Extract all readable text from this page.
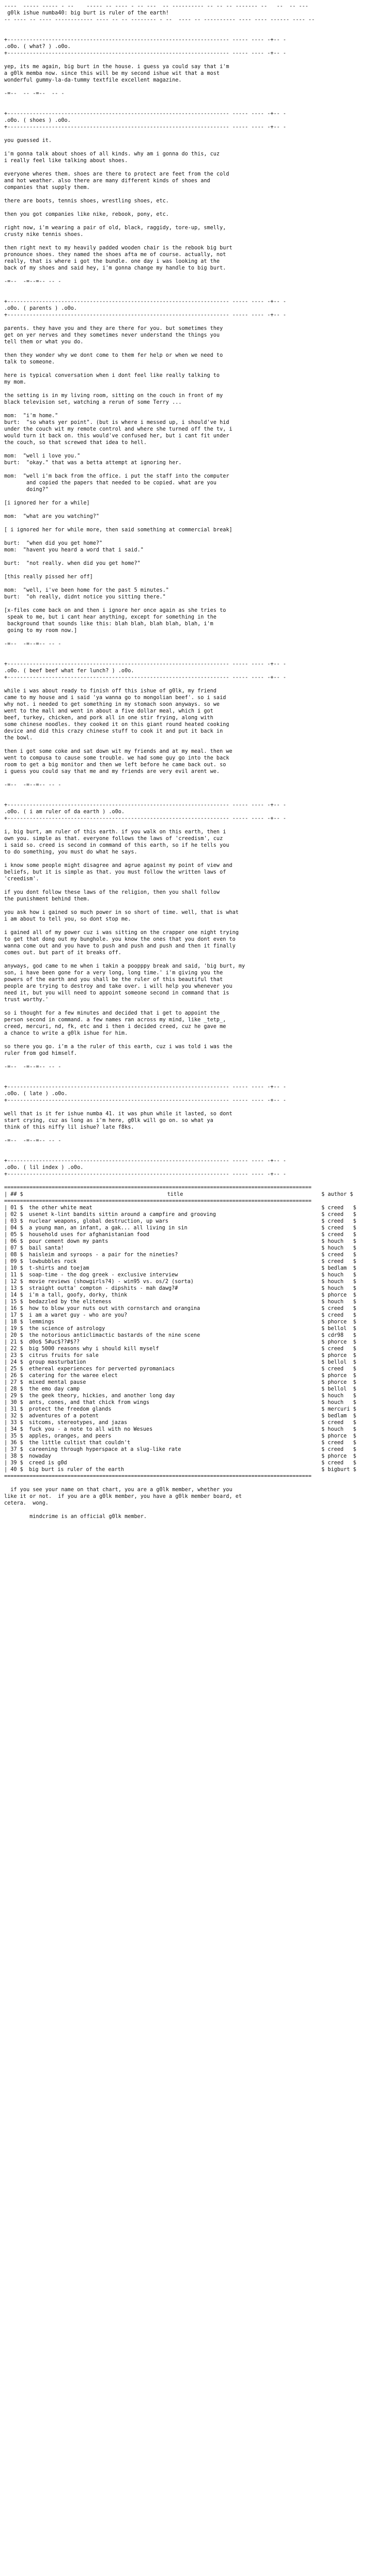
----  ----- ----- - --    ----- -- ---- - -- ---  -- ---------- -- -- -- ------- --   --  -- ---
g0lk ishue numba40: big burt is ruler of the earth!
-- ---- -- ---- ------------ ---- -- -- -------- - --  ---- -- ---------- ---- ---- ------ ---- --
+---------------------------------------------------------------------- ----- ---- -+-- -
.o0o. ( what? ) .o0o.
+---------------------------------------------------------------------- ----- ---- -+-- -
yep, its me again, big burt in the house. i guess ya could say that i'm
a g0lk memba now. since this will be my second ishue wit that a most
wonderful gummy-la-da-tummy textfile excellent magazine.
-=--  -- -=--  -- -
+---------------------------------------------------------------------- ----- ---- -+-- -
.o0o. ( shoes ) .o0o.
+---------------------------------------------------------------------- ----- ---- -+-- -
you guessed it.
i'm gonna talk about shoes of all kinds. why am i gonna do this, cuz
i really feel like talking about shoes.
everyone wheres them. shoes are there to protect are feet from the cold
and hot weather. also there are many different kinds of shoes and
companies that supply them.
there are boots, tennis shoes, wrestling shoes, etc.
then you got companies like nike, rebook, pony, etc.
right now, i'm wearing a pair of old, black, raggidy, tore-up, smelly,
crusty nike tennis shoes.
then right next to my heavily padded wooden chair is the rebook big burt
pronounce shoes. they named the shoes afta me of course. actually, not
really, that is where i got the bundle. one day i was looking at the
back of my shoes and said hey, i'm gonna change my handle to big burt.
-=--  -=--=-- -- -
+---------------------------------------------------------------------- ----- ---- -+-- -
.o0o. ( parents ) .o0o.
+---------------------------------------------------------------------- ----- ---- -+-- -
parents. they have you and they are there for you. but sometimes they
get on yer nerves and they sometimes never understand the things you
tell them or what you do.
then they wonder why we dont come to them fer help or when we need to
talk to someone.
here is typical conversation when i dont feel like really talking to
my mom.
the setting is in my living room, sitting on the couch in front of my
black television set, watching a rerun of some Terry ...
mom:  "i'm home."
burt:  "so whats yer point". (but is where i messed up, i should've hid
under the couch wit my remote control and where she turned off the tv, i
would turn it back on. this would've confused her, but i cant fit under
the couch, so that screwed that idea to hell.
mom:  "well i love you."
burt:  "okay." that was a betta attempt at ignoring her.
mom:  "well i'm back from the office. i put the staff into the computer
and copied the papers that needed to be copied. what are you
doing?"
[i ignored her for a while]
mom:  "what are you watching?"
[ i ignored her for while more, then said something at commercial break]
burt:  "when did you get home?"
mom:  "havent you heard a word that i said."
burt:  "not really. when did you get home?"
[this really pissed her off]
mom:  "well, i've been home for the past 5 minutes."
burt:  "oh really, didnt notice you sitting there."
[x-files come back on and then i ignore her once again as she tries to
speak to me, but i cant hear anything, except for something in the
background that sounds like this: blah blah, blah blah, blah, i'm
going to my room now.]
-=--  -=--=-- -- -
+---------------------------------------------------------------------- ----- ---- -+-- -
.o0o. ( beef beef what fer lunch? ) .o0o.
+---------------------------------------------------------------------- ----- ---- -+-- -
while i was about ready to finish off this ishue of g0lk, my friend
came to my house and i said 'ya wanna go to mongolian beef'. so i said
why not. i needed to get something in my stomach soon anyways. so we
went to the mall and went in about a five dollar meal, which i got
beef, turkey, chicken, and pork all in one stir frying, along with
some chinese noodles. they cooked it on this giant round heated cooking
device and did this crazy chinese stuff to cook it and put it back in
the bowl.
then i got some coke and sat down wit my friends and at my meal. then we
went to compusa to cause some trouble. we had some guy go into the back
room to get a big monitor and then we left before he came back out. so
i guess you could say that me and my friends are very evil arent we.
-=--  -=--=-- -- -
+---------------------------------------------------------------------- ----- ---- -+-- -
.o0o. ( i am ruler of da earth ) .o0o.
+---------------------------------------------------------------------- ----- ---- -+-- -
i, big burt, am ruler of this earth. if you walk on this earth, then i
own you. simple as that. everyone follows the laws of 'creedism', cuz
i said so. creed is second in command of this earth, so if he tells you
to do something, you must do what he says.
i know some people might disagree and agrue against my point of view and
beliefs, but it is simple as that. you must follow the written laws of
'creedism'.
if you dont follow these laws of the religion, then you shall follow
the punishment behind them.
you ask how i gained so much power in so short of time. well, that is what
i am about to tell you, so dont stop me.
i gained all of my power cuz i was sitting on the crapper one night trying
to get that dong out my bunghole. you know the ones that you dont even to
wanna come out and you have to push and push and push and then it finally
comes out. but part of it breaks off.
anyways, god came to me when i takin a poopppy break and said, 'big burt, my
son, i have been gone for a very long, long time.' i'm giving you the
powers of the earth and you shall be the ruler of this beautiful that
people are trying to destroy and take over. i will help you whenever you
need it, but you will need to appoint someone second in command that is
trust worthy.'
so i thought for a few minutes and decided that i get to appoint the
person second in command. a few names ran across my mind, like _tetp_,
creed, mercuri, nd, fk, etc and i then i decided creed, cuz he gave me
a chance to write a g0lk ishue for him.
so there you go. i'm a the ruler of this earth, cuz i was told i was the
ruler from god himself.
-=--  -=--=-- -- -
+---------------------------------------------------------------------- ----- ---- -+-- -
.o0o. ( late ) .o0o.
+---------------------------------------------------------------------- ----- ---- -+-- -
well that is it fer ishue numba 41. it was phun while it lasted, so dont
start crying, cuz as long as i'm here, g0lk will go on. so what ya
think of this niffy lil ishue? late f8ks.
-=--  -=--=-- -- -
+---------------------------------------------------------------------- ----- ---- -+-- -
.o0o. ( lil index ) .o0o.
+---------------------------------------------------------------------- ----- ---- -+-- -
=================================================================================================
| ## $	title	$ author $
=================================================================================================
| 01 $	the other white meat	$ creed   $
| 02 $	usenet k-lint bandits sittin around a campfire and grooving	$ creed   $
| 03 $	nuclear weapons, global destruction, up wars	$ creed   $
| 04 $	a young man, an infant, a gak... all living in sin	$ creed   $
| 05 $	household uses for afghanistanian food	$ creed   $
| 06 $	pour cement down my pants	$ houch   $
| 07 $	bail santa!	$ houch   $
| 08 $	haisleim and syroops - a pair for the nineties?	$ creed   $
| 09 $	lowbubbles rock	$ creed   $
| 10 $	t-shirts and toejam	$ bedlam  $
| 11 $	soap-time - the dog greek - exclusive interview	$ houch   $
| 12 $	movie reviews (showgirls?4) - win95 vs. os/2 (sorta)	$ houch   $
| 13 $	straight outta' compton - dipshits - mah dawg?#	$ houch   $
| 14 $	i'm a tall, goofy, dorky, think	$ phorce  $
| 15 $	bedazzled by the eliteness	$ houch   $
| 16 $	how to blow your nuts out with cornstarch and orangina	$ creed   $
| 17 $	i am a waret guy - who are you?	$ creed   $
| 18 $	lemmings	$ phorce  $
| 19 $	the science of astrology	$ bellol  $
| 20 $	the notorious anticlimactic bastards of the nine scene	$ cdr98   $
| 21 $	d0o$ 5#uc$??#$??	$ phorce  $
| 22 $	big 5000 reasons why i should kill myself	$ creed   $
| 23 $	citrus fruits for sale	$ phorce  $
| 24 $	group masturbation	$ bellol  $
| 25 $	ethereal experiences for perverted pyromaniacs	$ creed   $
| 26 $	catering for the waree elect	$ phorce  $
| 27 $	mixed mental pause	$ phorce  $
| 28 $	the emo day camp	$ bellol  $
| 29 $	the geek theory, hickies, and another long day	$ houch   $
| 30 $	ants, cones, and that chick from wings	$ houch   $
| 31 $	protect the freedom glands	$ mercuri $
| 32 $	adventures of a potent	$ bedlam  $
| 33 $	sitcoms, stereotypes, and jazas	$ creed   $
| 34 $	fuck you - a note to all with no Wesues	$ houch   $
| 35 $	apples, oranges, and peers	$ phorce  $
| 36 $	the little cultist that couldn't	$ creed   $
| 37 $	careening through hyperspace at a slug-like rate	$ creed   $
| 38 $	nowaday	$ phorce  $
| 39 $	creed is g0d	$ creed   $
| 40 $	big burt is ruler of the earth	$ bigburt $
=================================================================================================
if you see your name on that chart, you are a g0lk member, whether you
like it or not.  if you are a g0lk member, you have a g0lk member board, et
cetera.  wong.
mindcrime is an official g0lk member.
